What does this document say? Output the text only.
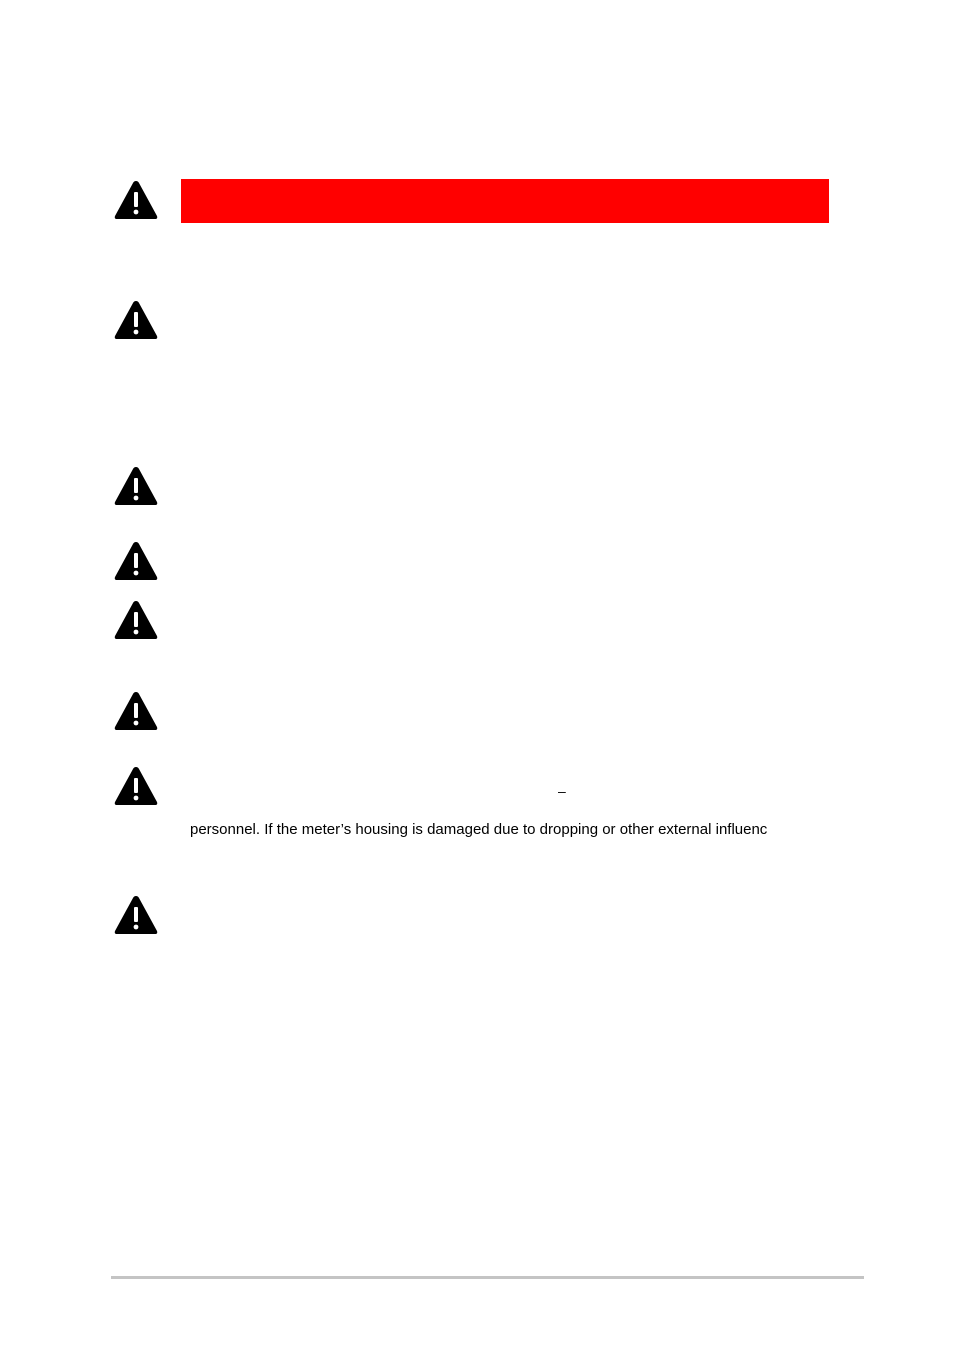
–
personnel. If the meter’s housing is damaged due to dropping or other external influenc
